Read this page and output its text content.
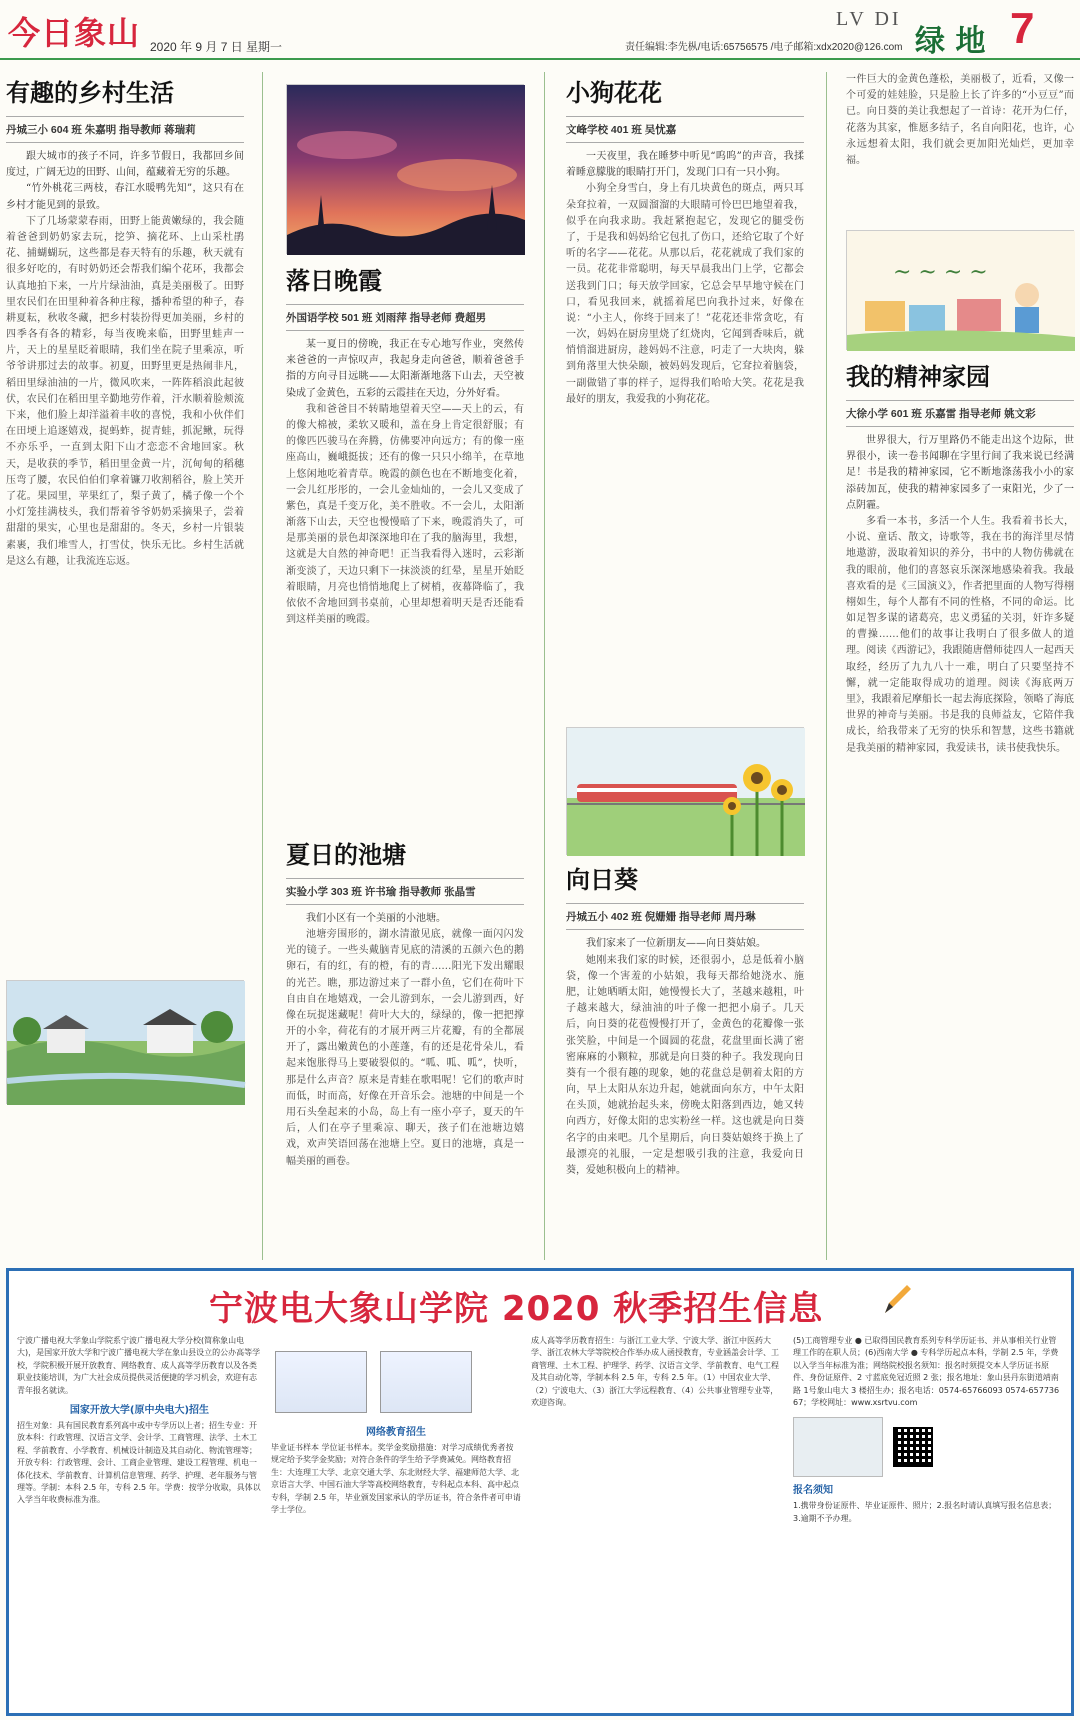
今日象山 2020 年 9 月 7 日 星期一	责任编辑:李先枞/电话:65756575 /电子邮箱:xdx2020@126.com
LV DI
绿 地 7
有趣的乡村生活
丹城三小 604 班 朱嘉明 指导教师 蒋瑞莉

跟大城市的孩子不同，许多节假日，我都回乡间度过，广阔无边的田野、山间，蕴藏着无穷的乐趣。

“竹外桃花三两枝，春江水暖鸭先知”，这只有在乡村才能见到的景致。

下了几场蒙蒙春雨，田野上能黄嫩绿的，我会随着爸爸到奶奶家去玩，挖笋、摘花环、上山采杜鹃花、捕蝴蝴玩，这些都是春天特有的乐趣，秋天就有很多好吃的，有时奶奶还会帮我们编个花环，我都会认真地拍下来，一片片绿油油，真是美丽极了。田野里农民们在田里种着各种庄稼，播种希望的种子，春耕夏耘，秋收冬藏，把乡村装扮得更加美丽，乡村的四季各有各的精彩，每当夜晚来临，田野里蛙声一片，天上的星星眨着眼睛，我们坐在院子里乘凉，听爷爷讲那过去的故事。初夏，田野里更是热闹非凡，稻田里绿油油的一片，微风吹来，一阵阵稻浪此起彼伏，农民们在稻田里辛勤地劳作着，汗水顺着脸颊流下来，他们脸上却洋溢着丰收的喜悦，我和小伙伴们在田埂上追逐嬉戏，捉蚂蚱，捉青蛙，抓泥鳅，玩得不亦乐乎，一直到太阳下山才恋恋不舍地回家。秋天，是收获的季节，稻田里金黄一片，沉甸甸的稻穗压弯了腰，农民伯伯们拿着镰刀收割稻谷，脸上笑开了花。果园里，苹果红了，梨子黄了，橘子像一个个小灯笼挂满枝头，我们帮着爷爷奶奶采摘果子，尝着甜甜的果实，心里也是甜甜的。冬天，乡村一片银装素裹，我们堆雪人，打雪仗，快乐无比。乡村生活就是这么有趣，让我流连忘返。
落日晚霞
外国语学校 501 班 刘雨萍 指导老师 费超男

某一夏日的傍晚，我正在专心地写作业，突然传来爸爸的一声惊叹声，我起身走向爸爸，顺着爸爸手指的方向寻目远眺——太阳渐渐地落下山去，天空被染成了金黄色，五彩的云霞挂在天边，分外好看。

我和爸爸目不转睛地望着天空——天上的云，有的像大棉被，柔软又暖和，盖在身上肯定很舒服；有的像匹匹骏马在奔腾，仿佛要冲向远方；有的像一座座高山，巍峨挺拔；还有的像一只只小绵羊，在草地上悠闲地吃着青草。晚霞的颜色也在不断地变化着，一会儿红彤彤的，一会儿金灿灿的，一会儿又变成了紫色，真是千变万化，美不胜收。不一会儿，太阳渐渐落下山去，天空也慢慢暗了下来，晚霞消失了，可是那美丽的景色却深深地印在了我的脑海里，我想，这就是大自然的神奇吧！正当我看得入迷时，云彩渐渐变淡了，天边只剩下一抹淡淡的红晕，星星开始眨着眼睛，月亮也悄悄地爬上了树梢，夜幕降临了，我依依不舍地回到书桌前，心里却想着明天是否还能看到这样美丽的晚霞。
夏日的池塘
实验小学 303 班 许书瑜 指导教师 张晶雪

我们小区有一个美丽的小池塘。

池塘旁围形的，湖水清澈见底，就像一面闪闪发光的镜子。一些头戴脑青见底的清溪的五颜六色的鹅卵石，有的红，有的橙，有的青……阳光下发出耀眼的光芒。瞧，那边游过来了一群小鱼，它们在荷叶下自由自在地嬉戏，一会儿游到东，一会儿游到西，好像在玩捉迷藏呢！荷叶大大的，绿绿的，像一把把撑开的小伞，荷花有的才展开两三片花瓣，有的全都展开了，露出嫩黄色的小莲蓬，有的还是花骨朵儿，看起来饱胀得马上要破裂似的。“呱、呱、呱”，快听，那是什么声音？原来是青蛙在歌唱呢！它们的歌声时而低，时而高，好像在开音乐会。池塘的中间是一个用石头垒起来的小岛，岛上有一座小亭子，夏天的午后，人们在亭子里乘凉、聊天，孩子们在池塘边嬉戏，欢声笑语回荡在池塘上空。夏日的池塘，真是一幅美丽的画卷。

小狗花花
文峰学校 401 班 吴忧嘉

一天夜里，我在睡梦中听见“呜呜”的声音，我揉着睡意朦胧的眼睛打开门，发现门口有一只小狗。

小狗全身雪白，身上有几块黄色的斑点，两只耳朵耷拉着，一双圆溜溜的大眼睛可怜巴巴地望着我，似乎在向我求助。我赶紧抱起它，发现它的腿受伤了，于是我和妈妈给它包扎了伤口，还给它取了个好听的名字——花花。从那以后，花花就成了我们家的一员。花花非常聪明，每天早晨我出门上学，它都会送我到门口；每天放学回家，它总会早早地守候在门口，看见我回来，就摇着尾巴向我扑过来，好像在说：“小主人，你终于回来了！”花花还非常贪吃，有一次，妈妈在厨房里烧了红烧肉，它闻到香味后，就悄悄溜进厨房，趁妈妈不注意，叼走了一大块肉，躲到角落里大快朵颐，被妈妈发现后，它耷拉着脑袋，一副做错了事的样子，逗得我们哈哈大笑。花花是我最好的朋友，我爱我的小狗花花。
向日葵
丹城五小 402 班 倪姗姗 指导老师 周丹琳

我们家来了一位新朋友——向日葵姑娘。

她刚来我们家的时候，还很弱小，总是低着小脑袋，像一个害羞的小姑娘，我每天都给她浇水、施肥，让她晒晒太阳，她慢慢长大了，茎越来越粗，叶子越来越大，绿油油的叶子像一把把小扇子。几天后，向日葵的花苞慢慢打开了，金黄色的花瓣像一张张笑脸，中间是一个圆圆的花盘，花盘里面长满了密密麻麻的小颗粒，那就是向日葵的种子。我发现向日葵有一个很有趣的现象，她的花盘总是朝着太阳的方向，早上太阳从东边升起，她就面向东方，中午太阳在头顶，她就抬起头来，傍晚太阳落到西边，她又转向西方，好像太阳的忠实粉丝一样。这也就是向日葵名字的由来吧。几个星期后，向日葵姑娘终于换上了最漂亮的礼服，一定是想吸引我的注意，我爱向日葵，爱她积极向上的精神。
一件巨大的金黄色蓬松，美丽极了，近看，又像一个可爱的娃娃脸，只是脸上长了许多的“小豆豆”而已。向日葵的美让我想起了一首诗：花开为仁仔，花落为其家，惟愿多结子，名自向阳花，也许，心永远想着太阳，我们就会更加阳光灿烂，更加幸福。
~ ~ ~ ~
我的精神家园
大徐小学 601 班 乐嘉雷 指导老师 姚文彩

世界很大，行万里路仍不能走出这个边际，世界很小，读一卷书闻聊在字里行间了我来说已经满足！书是我的精神家园，它不断地涤荡我小小的家添砖加瓦，使我的精神家园多了一束阳光，少了一点阴霾。

多看一本书，多活一个人生。我看着书长大，小说、童话、散文，诗歌等，我在书的海洋里尽情地遨游，汲取着知识的养分，书中的人物仿佛就在我的眼前，他们的喜怒哀乐深深地感染着我。我最喜欢看的是《三国演义》，作者把里面的人物写得栩栩如生，每个人都有不同的性格，不同的命运。比如足智多谋的诸葛亮，忠义勇猛的关羽，奸诈多疑的曹操……他们的故事让我明白了很多做人的道理。阅读《西游记》，我跟随唐僧师徒四人一起西天取经，经历了九九八十一难，明白了只要坚持不懈，就一定能取得成功的道理。阅读《海底两万里》，我跟着尼摩船长一起去海底探险，领略了海底世界的神奇与美丽。书是我的良师益友，它陪伴我成长，给我带来了无穷的快乐和智慧，这些书籍就是我美丽的精神家园，我爱读书，读书使我快乐。
宁波电大象山学院 2020 秋季招生信息
宁波广播电视大学象山学院系宁波广播电视大学分校(简称象山电大)，是国家开放大学和宁波广播电视大学在象山县设立的公办高等学校，学院积极开展开放教育、网络教育、成人高等学历教育以及各类职业技能培训，为广大社会成员提供灵活便捷的学习机会，欢迎有志青年报名就读。
国家开放大学(原中央电大)招生
招生对象：具有国民教育系列高中或中专学历以上者；招生专业：开放本科：行政管理、汉语言文学、会计学、工商管理、法学、土木工程、学前教育、小学教育、机械设计制造及其自动化、物流管理等；开放专科：行政管理、会计、工商企业管理、建设工程管理、机电一体化技术、学前教育、计算机信息管理、药学、护理、老年服务与管理等。学制：本科 2.5 年，专科 2.5 年。学费：按学分收取，具体以入学当年收费标准为准。

网络教育招生
毕业证书样本 学位证书样本。奖学金奖励措施：对学习成绩优秀者按规定给予奖学金奖励；对符合条件的学生给予学费减免。网络教育招生：大连理工大学、北京交通大学、东北财经大学、福建师范大学、北京语言大学、中国石油大学等高校网络教育，专科起点本科、高中起点专科，学制 2.5 年，毕业颁发国家承认的学历证书，符合条件者可申请学士学位。
成人高等学历教育招生：与浙江工业大学、宁波大学、浙江中医药大学、浙江农林大学等院校合作举办成人函授教育，专业涵盖会计学、工商管理、土木工程、护理学、药学、汉语言文学、学前教育、电气工程及其自动化等，学制本科 2.5 年，专科 2.5 年。（1）中国农业大学、（2）宁波电大、（3）浙江大学远程教育、（4）公共事业管理专业等，欢迎咨询。
(5)工商管理专业 ● 已取得国民教育系列专科学历证书、并从事相关行业管理工作的在职人员；(6)西南大学 ● 专科学历起点本科，学制 2.5 年，学费以入学当年标准为准；网络院校报名须知：报名时须提交本人学历证书原件、身份证原件、2 寸蓝底免冠近照 2 张；报名地址：象山县丹东街道靖南路 1号象山电大 3 楼招生办；报名电话：0574-65766093 0574-65773667；学校网址：www.xsrtvu.com
报名须知
1.携带身份证原件、毕业证原件、照片；2.报名时请认真填写报名信息表；3.逾期不予办理。
